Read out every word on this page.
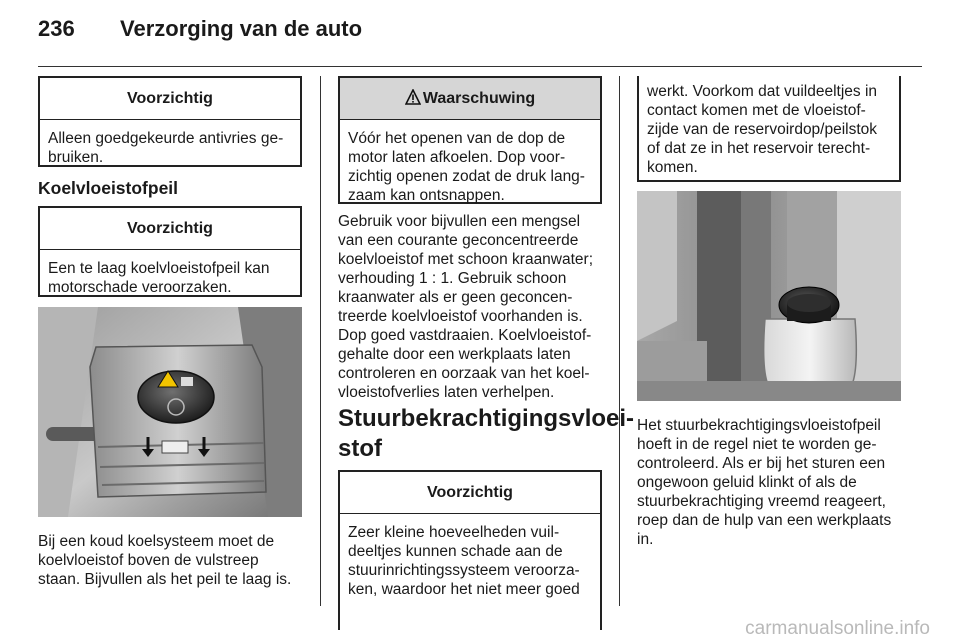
236 Verzorging van de auto
Voorzichtig
Alleen goedgekeurde antivries ge-
bruiken.
Koelvloeistofpeil
Voorzichtig
Een te laag koelvloeistofpeil kan
motorschade veroorzaken.
Bij een koud koelsysteem moet de
koelvloeistof boven de vulstreep
staan. Bijvullen als het peil te laag is.
Waarschuwing
Vóór het openen van de dop de
motor laten afkoelen. Dop voor-
zichtig openen zodat de druk lang-
zaam kan ontsnappen.
Gebruik voor bijvullen een mengsel
van een courante geconcentreerde
koelvloeistof met schoon kraanwater;
verhouding 1 : 1. Gebruik schoon
kraanwater als er geen geconcen-
treerde koelvloeistof voorhanden is.
Dop goed vastdraaien. Koelvloeistof-
gehalte door een werkplaats laten
controleren en oorzaak van het koel-
vloeistofverlies laten verhelpen.
Stuurbekrachtigingsvloei-
stof
Voorzichtig
Zeer kleine hoeveelheden vuil-
deeltjes kunnen schade aan de
stuurinrichtingssysteem veroorza-
ken, waardoor het niet meer goed
werkt. Voorkom dat vuildeeltjes in
contact komen met de vloeistof-
zijde van de reservoirdop/peilstok
of dat ze in het reservoir terecht-
komen.
Het stuurbekrachtigingsvloeistofpeil
hoeft in de regel niet te worden ge-
controleerd. Als er bij het sturen een
ongewoon geluid klinkt of als de
stuurbekrachtiging vreemd reageert,
roep dan de hulp van een werkplaats
in.
carmanualsonline.info
